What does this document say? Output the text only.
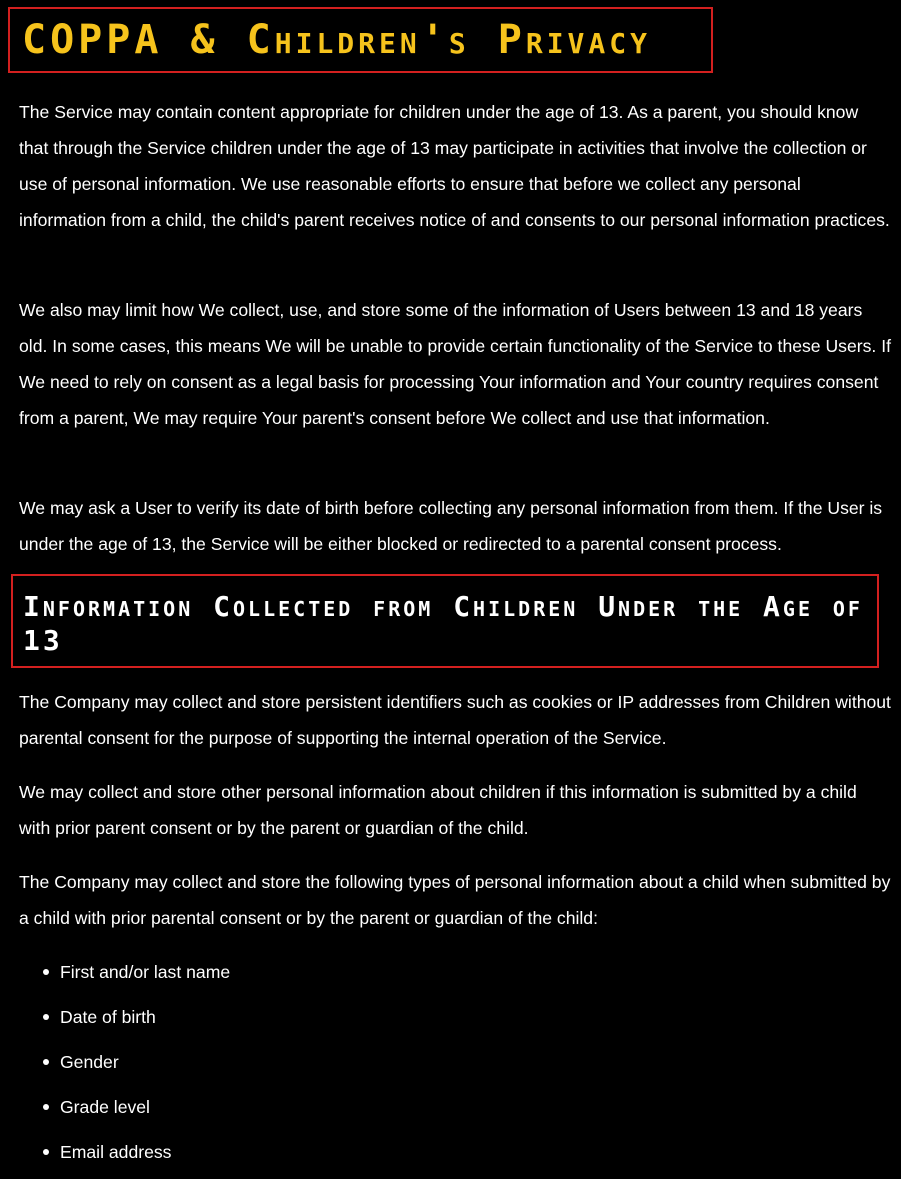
COPPA & Children's Privacy

The Service may contain content appropriate for children under the age of 13. As a parent, you should know that through the Service children under the age of 13 may participate in activities that involve the collection or use of personal information. We use reasonable efforts to ensure that before we collect any personal information from a child, the child's parent receives notice of and consents to our personal information practices.

We also may limit how We collect, use, and store some of the information of Users between 13 and 18 years old. In some cases, this means We will be unable to provide certain functionality of the Service to these Users. If We need to rely on consent as a legal basis for processing Your information and Your country requires consent from a parent, We may require Your parent's consent before We collect and use that information.

We may ask a User to verify its date of birth before collecting any personal information from them. If the User is under the age of 13, the Service will be either blocked or redirected to a parental consent process.

Information Collected from Children Under the Age of 13

The Company may collect and store persistent identifiers such as cookies or IP addresses from Children without parental consent for the purpose of supporting the internal operation of the Service.

We may collect and store other personal information about children if this information is submitted by a child with prior parent consent or by the parent or guardian of the child.

The Company may collect and store the following types of personal information about a child when submitted by a child with prior parental consent or by the parent or guardian of the child:

First and/or last name
Date of birth
Gender
Grade level
Email address
